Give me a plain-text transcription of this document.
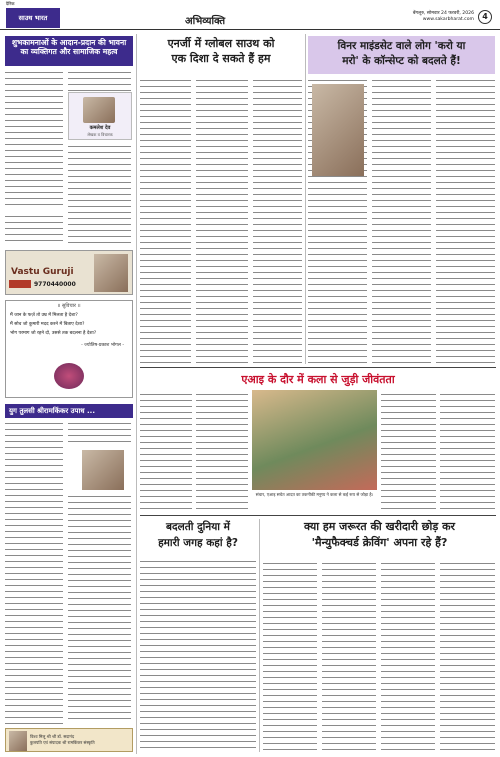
दैनिक
साउथ भारत	अभिव्यक्ति
बेंगलूरु, सोमवार 24 फरवरी, 2026
www.sakarbharat.com	4
शुभकामनाओं के आदान-प्रदान की भावना का व्यक्तिगत और सामाजिक महत्व
कमलेश देव
लेखक व विचारक
Vastu Guruji
9770440000
॥ सुविचार ॥
मैं जान के फर्ज़ तो उम्र में मिलता है देशा?
मैं सोच जो कुमारी मदद करने में बिताए देशा?
भोग परमाग जो रहने दो, उससे तक बदलना है देशा?
- ज्योतिष-प्रकाश भोगल -
युग तुलसी श्रीरामकिंकर उपाध ...
विश्व मिलू श्री श्री डॉ. सदानंद
कुलपति एवं संपादक श्री रामकिंकर संस्कृति
एनर्जी में ग्लोबल साउथ को
एक दिशा दे सकते हैं हम
विनर माइंडसेट वाले लोग 'करो या
मरो' के कॉन्सेप्ट को बदलते हैं!
एआइ के दौर में कला से जुड़ी जीवंतता
संचार, एआइ सचेत आदत का तकनीकी मनुष्य ने कला से कई रूप से जोड़ा है।
बदलती दुनिया में
हमारी जगह कहां है?
क्या हम जरूरत की खरीदारी छोड़ कर
'मैन्युफैक्चर्ड क्रेविंग' अपना रहे हैं?
